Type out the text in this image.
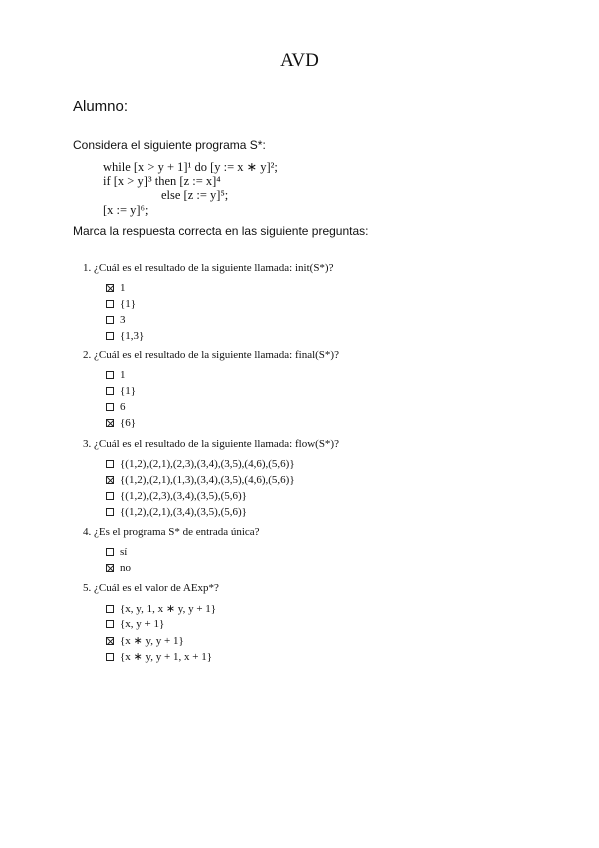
AVD
Alumno:
Considera el siguiente programa S*:
while [x > y + 1]¹ do [y := x ∗ y]²;
if [x > y]³ then [z := x]⁴
else [z := y]⁵;
[x := y]⁶;
Marca la respuesta correcta en las siguiente preguntas:
1. ¿Cuál es el resultado de la siguiente llamada: init(S*)?
1
{1}
3
{1,3}
2. ¿Cuál es el resultado de la siguiente llamada: final(S*)?
1
{1}
6
{6}
3. ¿Cuál es el resultado de la siguiente llamada: flow(S*)?
{(1,2),(2,1),(2,3),(3,4),(3,5),(4,6),(5,6)}
{(1,2),(2,1),(1,3),(3,4),(3,5),(4,6),(5,6)}
{(1,2),(2,3),(3,4),(3,5),(5,6)}
{(1,2),(2,1),(3,4),(3,5),(5,6)}
4. ¿Es el programa S* de entrada única?
sí
no
5. ¿Cuál es el valor de AExp*?
{x, y, 1, x ∗ y, y + 1}
{x, y + 1}
{x ∗ y, y + 1}
{x ∗ y, y + 1, x + 1}
